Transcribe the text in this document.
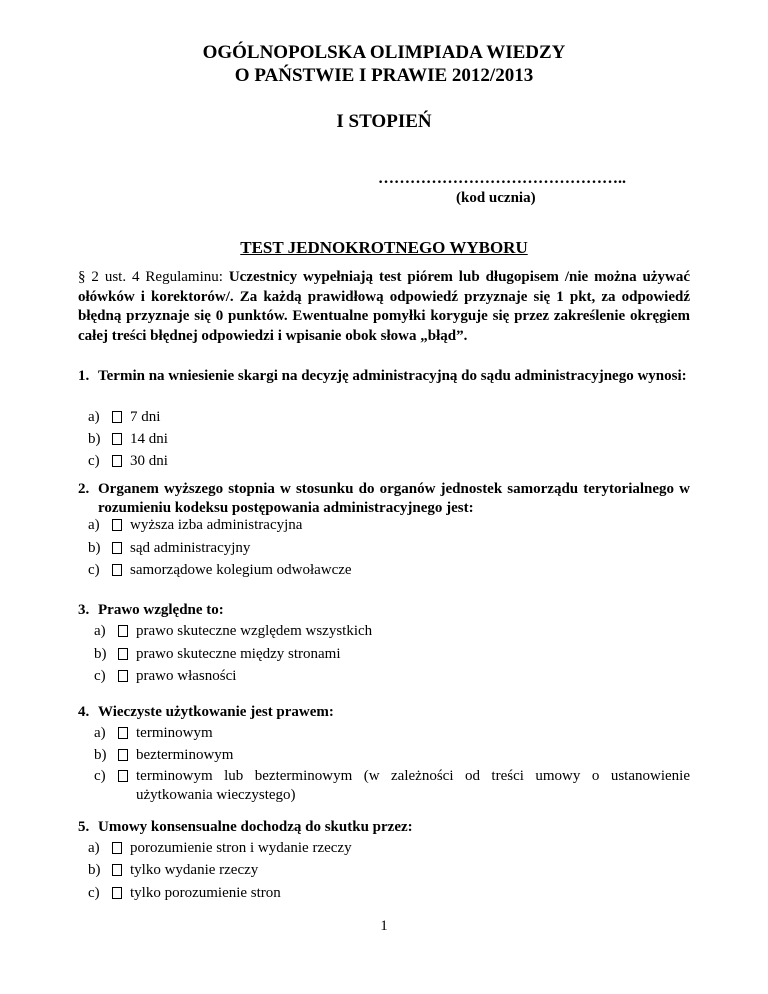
OGÓLNOPOLSKA OLIMPIADA WIEDZY
O PAŃSTWIE I PRAWIE 2012/2013
I STOPIEŃ
………………………………………..
(kod ucznia)
TEST JEDNOKROTNEGO WYBORU
§ 2 ust. 4 Regulaminu: Uczestnicy wypełniają test piórem lub długopisem /nie można używać ołówków i korektorów/. Za każdą prawidłową odpowiedź przyznaje się 1 pkt, za odpowiedź błędną przyznaje się 0 punktów. Ewentualne pomyłki koryguje się przez zakreślenie okręgiem całej treści błędnej odpowiedzi i wpisanie obok słowa „błąd”.
1. Termin na wniesienie skargi na decyzję administracyjną do sądu administracyjnego wynosi:
a) 7 dni
b) 14 dni
c) 30 dni
2. Organem wyższego stopnia w stosunku do organów jednostek samorządu terytorialnego w rozumieniu kodeksu postępowania administracyjnego jest:
a) wyższa izba administracyjna
b) sąd administracyjny
c) samorządowe kolegium odwoławcze
3. Prawo względne to:
a) prawo skuteczne względem wszystkich
b) prawo skuteczne między stronami
c) prawo własności
4. Wieczyste użytkowanie jest prawem:
a) terminowym
b) bezterminowym
c)	terminowym lub bezterminowym (w zależności od treści umowy o ustanowienie użytkowania wieczystego)
5. Umowy konsensualne dochodzą do skutku przez:
a) porozumienie stron i wydanie rzeczy
b) tylko wydanie rzeczy
c) tylko porozumienie stron
1
